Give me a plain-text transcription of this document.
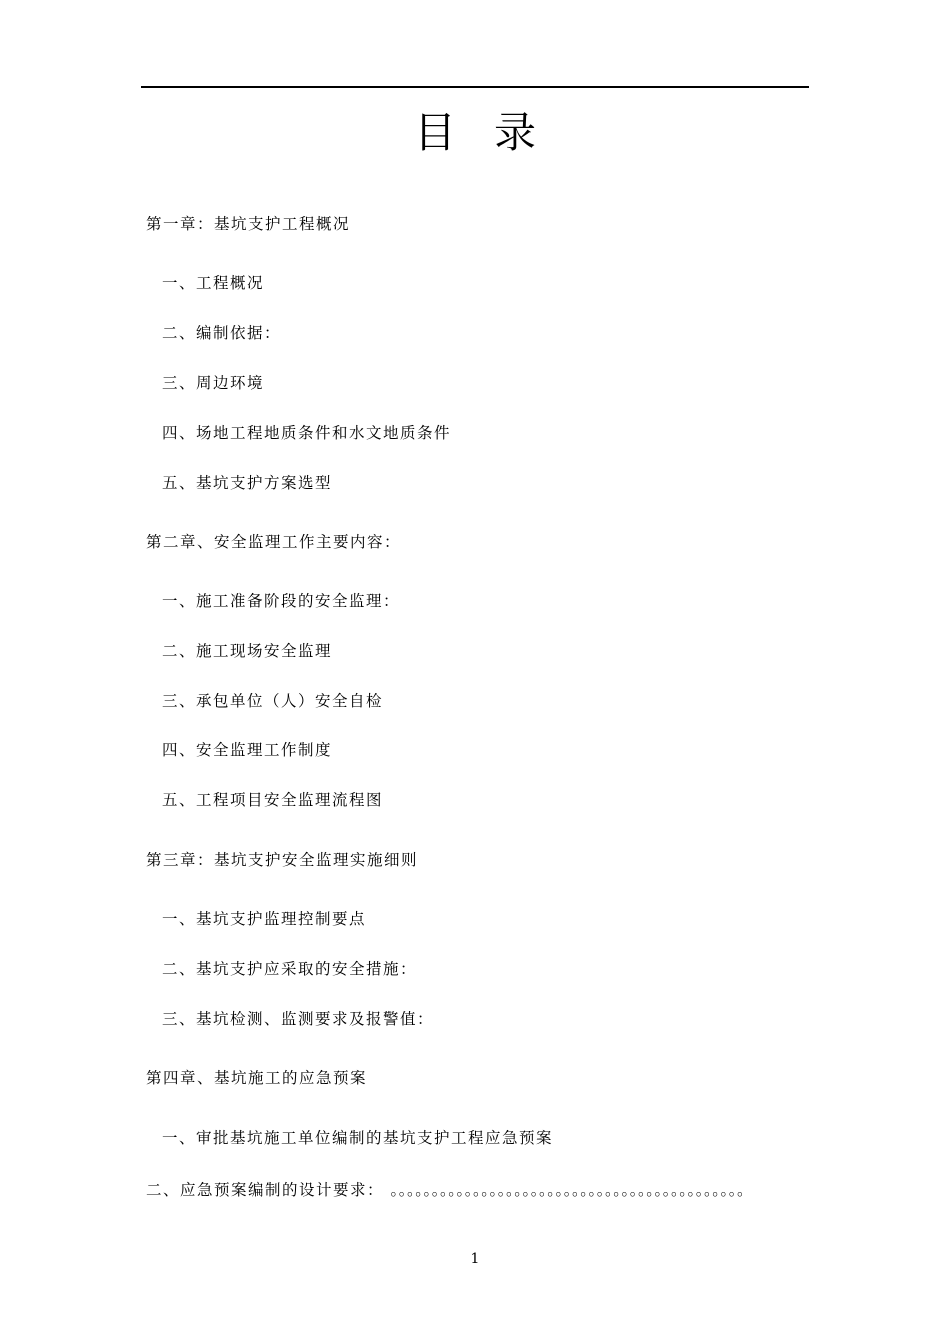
目录
第一章：基坑支护工程概况
一、工程概况
二、编制依据：
三、周边环境
四、场地工程地质条件和水文地质条件
五、基坑支护方案选型
第二章、安全监理工作主要内容：
一、施工准备阶段的安全监理：
二、施工现场安全监理
三、承包单位（人）安全自检
四、安全监理工作制度
五、工程项目安全监理流程图
第三章：基坑支护安全监理实施细则
一、基坑支护监理控制要点
二、基坑支护应采取的安全措施：
三、基坑检测、监测要求及报警值：
第四章、基坑施工的应急预案
一、审批基坑施工单位编制的基坑支护工程应急预案
二、应急预案编制的设计要求： 。。。。。。。。。。。。。。。。。。。。。。。。。。。。。。。。。。。。。。。。。。。
1
